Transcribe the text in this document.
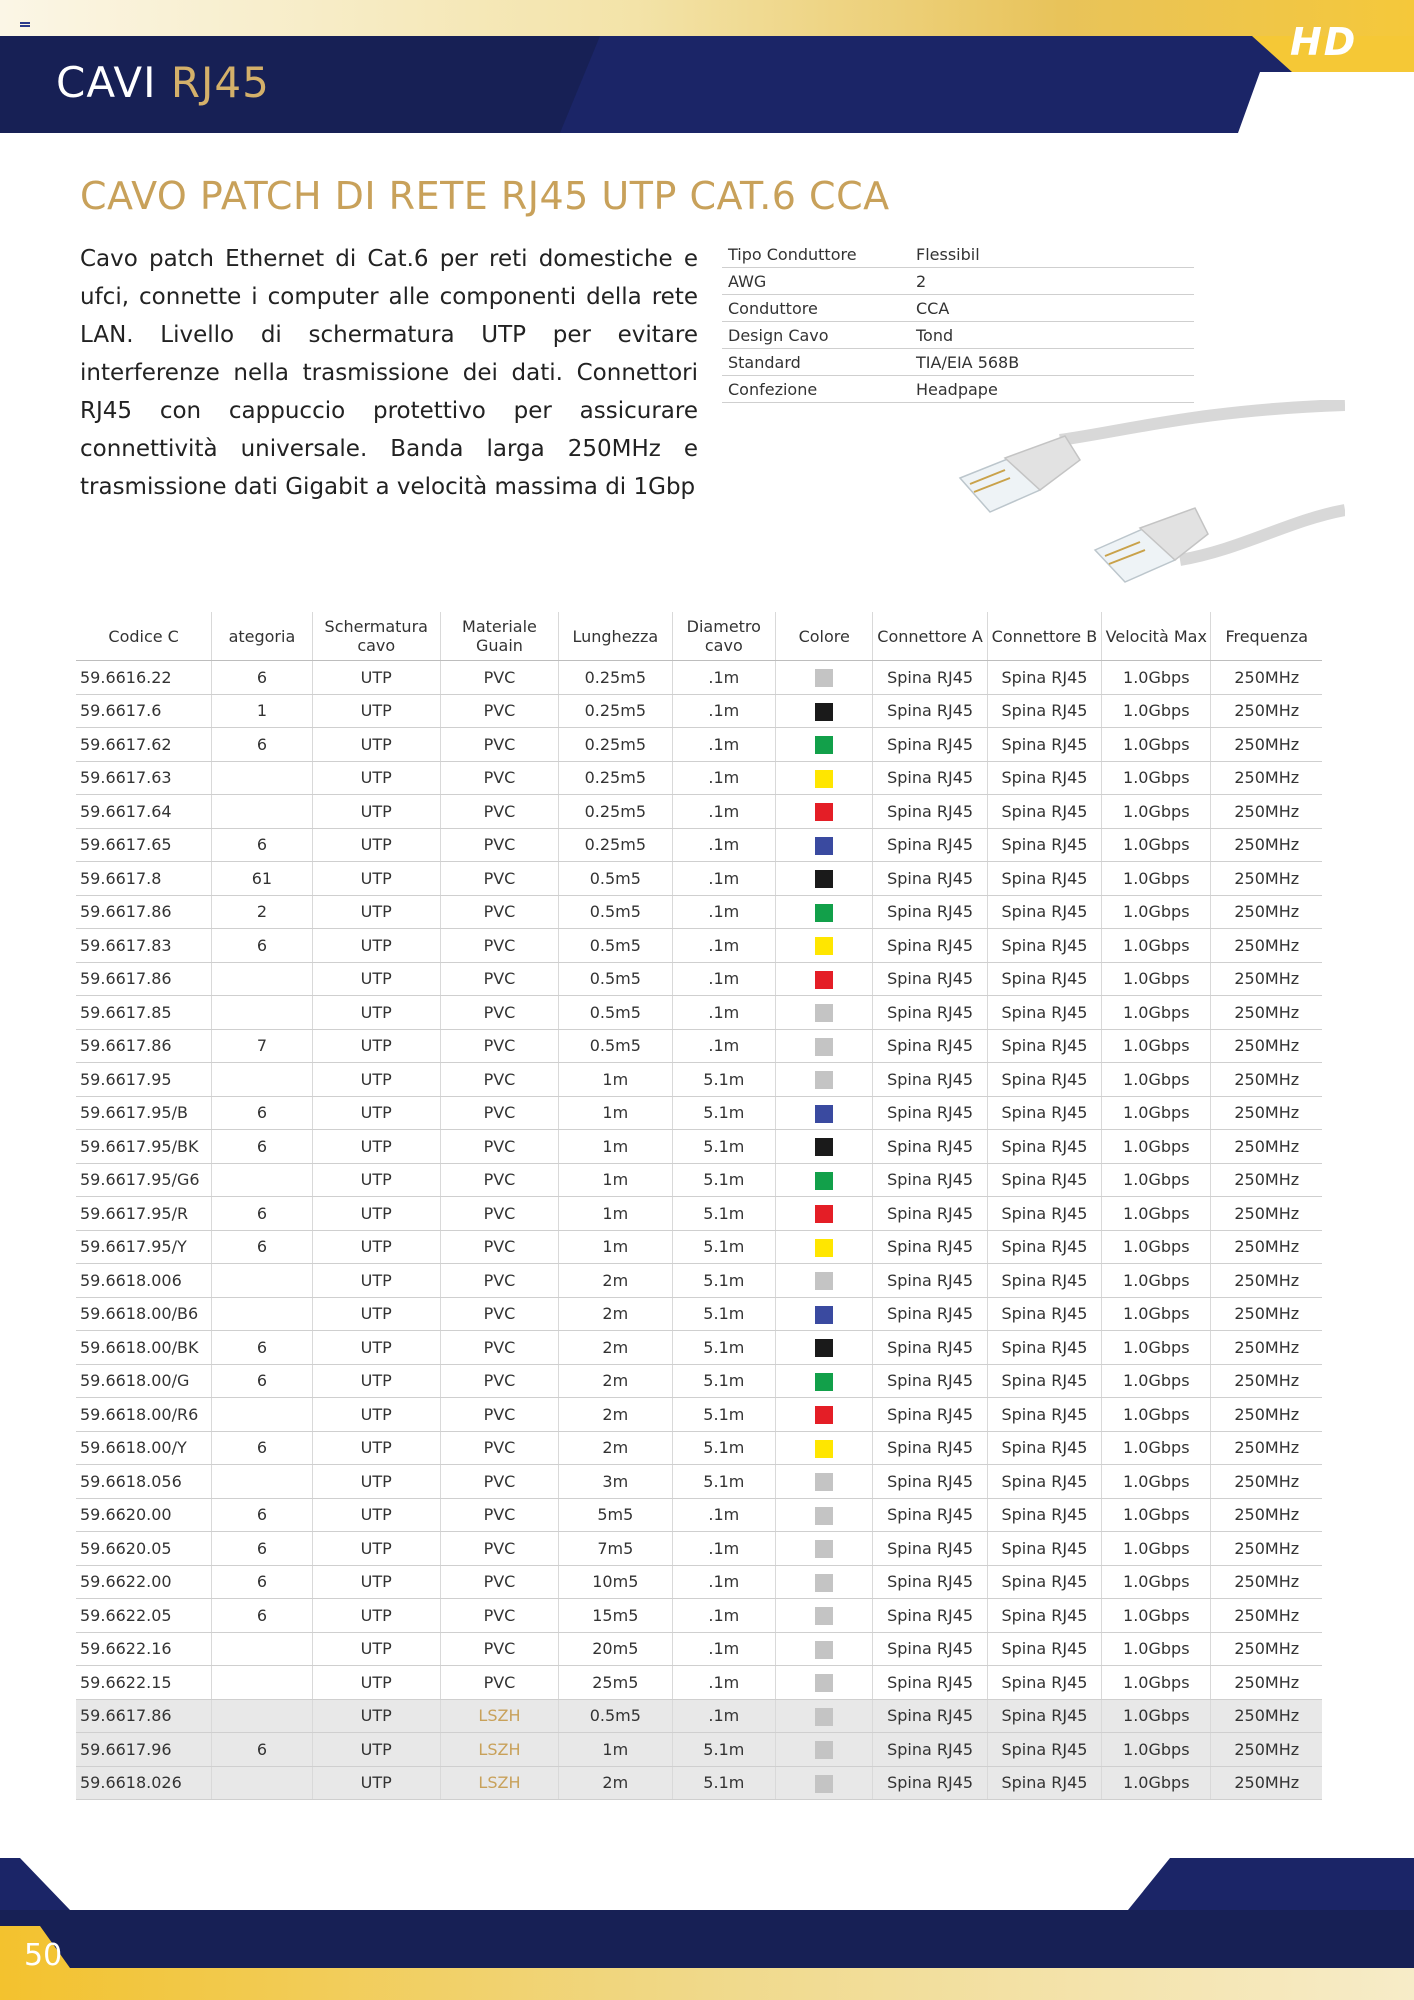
CAVI RJ45
HD
CAVO PATCH DI RETE RJ45 UTP CAT.6 CCA
Cavo patch Ethernet di Cat.6 per reti domestiche e ufci, connette i computer alle componenti della rete LAN. Livello di schermatura UTP per evitare interferenze nella trasmissione dei dati. Connettori RJ45 con cappuccio protettivo per assicurare connettività universale. Banda larga 250MHz e trasmissione dati Gigabit a velocità massima di 1Gbp
Tipo Conduttore	Flessibil
AWG	2
Conduttore	CCA
Design Cavo	Tond
Standard	TIA/EIA 568B
Confezione	Headpape
Codice C	ategoria	Schermatura cavo	Materiale Guain	Lunghezza	Diametro cavo	Colore	Connettore A	Connettore B	Velocità Max	Frequenza
59.6616.22	6	UTP	PVC	0.25m5	.1m		Spina RJ45	Spina RJ45	1.0Gbps	250MHz
59.6617.6	1	UTP	PVC	0.25m5	.1m		Spina RJ45	Spina RJ45	1.0Gbps	250MHz
59.6617.62	6	UTP	PVC	0.25m5	.1m		Spina RJ45	Spina RJ45	1.0Gbps	250MHz
59.6617.63		UTP	PVC	0.25m5	.1m		Spina RJ45	Spina RJ45	1.0Gbps	250MHz
59.6617.64		UTP	PVC	0.25m5	.1m		Spina RJ45	Spina RJ45	1.0Gbps	250MHz
59.6617.65	6	UTP	PVC	0.25m5	.1m		Spina RJ45	Spina RJ45	1.0Gbps	250MHz
59.6617.8	61	UTP	PVC	0.5m5	.1m		Spina RJ45	Spina RJ45	1.0Gbps	250MHz
59.6617.86	2	UTP	PVC	0.5m5	.1m		Spina RJ45	Spina RJ45	1.0Gbps	250MHz
59.6617.83	6	UTP	PVC	0.5m5	.1m		Spina RJ45	Spina RJ45	1.0Gbps	250MHz
59.6617.86		UTP	PVC	0.5m5	.1m		Spina RJ45	Spina RJ45	1.0Gbps	250MHz
59.6617.85		UTP	PVC	0.5m5	.1m		Spina RJ45	Spina RJ45	1.0Gbps	250MHz
59.6617.86	7	UTP	PVC	0.5m5	.1m		Spina RJ45	Spina RJ45	1.0Gbps	250MHz
59.6617.95		UTP	PVC	1m	5.1m		Spina RJ45	Spina RJ45	1.0Gbps	250MHz
59.6617.95/B	6	UTP	PVC	1m	5.1m		Spina RJ45	Spina RJ45	1.0Gbps	250MHz
59.6617.95/BK	6	UTP	PVC	1m	5.1m		Spina RJ45	Spina RJ45	1.0Gbps	250MHz
59.6617.95/G6		UTP	PVC	1m	5.1m		Spina RJ45	Spina RJ45	1.0Gbps	250MHz
59.6617.95/R	6	UTP	PVC	1m	5.1m		Spina RJ45	Spina RJ45	1.0Gbps	250MHz
59.6617.95/Y	6	UTP	PVC	1m	5.1m		Spina RJ45	Spina RJ45	1.0Gbps	250MHz
59.6618.006		UTP	PVC	2m	5.1m		Spina RJ45	Spina RJ45	1.0Gbps	250MHz
59.6618.00/B6		UTP	PVC	2m	5.1m		Spina RJ45	Spina RJ45	1.0Gbps	250MHz
59.6618.00/BK	6	UTP	PVC	2m	5.1m		Spina RJ45	Spina RJ45	1.0Gbps	250MHz
59.6618.00/G	6	UTP	PVC	2m	5.1m		Spina RJ45	Spina RJ45	1.0Gbps	250MHz
59.6618.00/R6		UTP	PVC	2m	5.1m		Spina RJ45	Spina RJ45	1.0Gbps	250MHz
59.6618.00/Y	6	UTP	PVC	2m	5.1m		Spina RJ45	Spina RJ45	1.0Gbps	250MHz
59.6618.056		UTP	PVC	3m	5.1m		Spina RJ45	Spina RJ45	1.0Gbps	250MHz
59.6620.00	6	UTP	PVC	5m5	.1m		Spina RJ45	Spina RJ45	1.0Gbps	250MHz
59.6620.05	6	UTP	PVC	7m5	.1m		Spina RJ45	Spina RJ45	1.0Gbps	250MHz
59.6622.00	6	UTP	PVC	10m5	.1m		Spina RJ45	Spina RJ45	1.0Gbps	250MHz
59.6622.05	6	UTP	PVC	15m5	.1m		Spina RJ45	Spina RJ45	1.0Gbps	250MHz
59.6622.16		UTP	PVC	20m5	.1m		Spina RJ45	Spina RJ45	1.0Gbps	250MHz
59.6622.15		UTP	PVC	25m5	.1m		Spina RJ45	Spina RJ45	1.0Gbps	250MHz
59.6617.86		UTP	LSZH	0.5m5	.1m		Spina RJ45	Spina RJ45	1.0Gbps	250MHz
59.6617.96	6	UTP	LSZH	1m	5.1m		Spina RJ45	Spina RJ45	1.0Gbps	250MHz
59.6618.026		UTP	LSZH	2m	5.1m		Spina RJ45	Spina RJ45	1.0Gbps	250MHz
50
